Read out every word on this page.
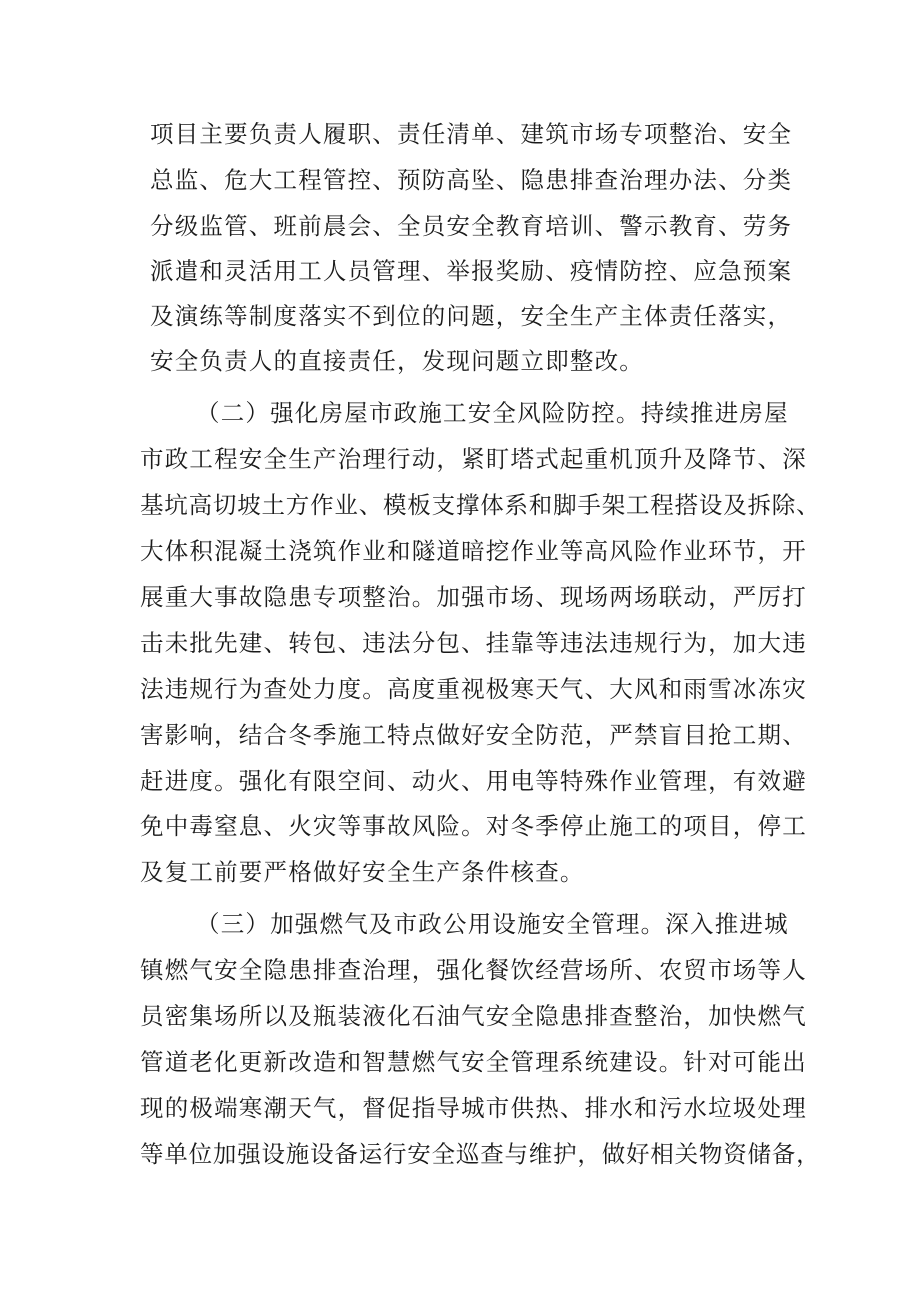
项目主要负责人履职、责任清单、建筑市场专项整治、安全
总监、危大工程管控、预防高坠、隐患排查治理办法、分类
分级监管、班前晨会、全员安全教育培训、警示教育、劳务
派遣和灵活用工人员管理、举报奖励、疫情防控、应急预案
及演练等制度落实不到位的问题，安全生产主体责任落实，
安全负责人的直接责任，发现问题立即整改。
（二）强化房屋市政施工安全风险防控。持续推进房屋
市政工程安全生产治理行动，紧盯塔式起重机顶升及降节、深
基坑高切坡土方作业、模板支撑体系和脚手架工程搭设及拆除、
大体积混凝土浇筑作业和隧道暗挖作业等高风险作业环节，开
展重大事故隐患专项整治。加强市场、现场两场联动，严厉打
击未批先建、转包、违法分包、挂靠等违法违规行为，加大违
法违规行为查处力度。高度重视极寒天气、大风和雨雪冰冻灾
害影响，结合冬季施工特点做好安全防范，严禁盲目抢工期、
赶进度。强化有限空间、动火、用电等特殊作业管理，有效避
免中毒窒息、火灾等事故风险。对冬季停止施工的项目，停工
及复工前要严格做好安全生产条件核查。
（三）加强燃气及市政公用设施安全管理。深入推进城
镇燃气安全隐患排查治理，强化餐饮经营场所、农贸市场等人
员密集场所以及瓶装液化石油气安全隐患排查整治，加快燃气
管道老化更新改造和智慧燃气安全管理系统建设。针对可能出
现的极端寒潮天气，督促指导城市供热、排水和污水垃圾处理
等单位加强设施设备运行安全巡查与维护，做好相关物资储备，
